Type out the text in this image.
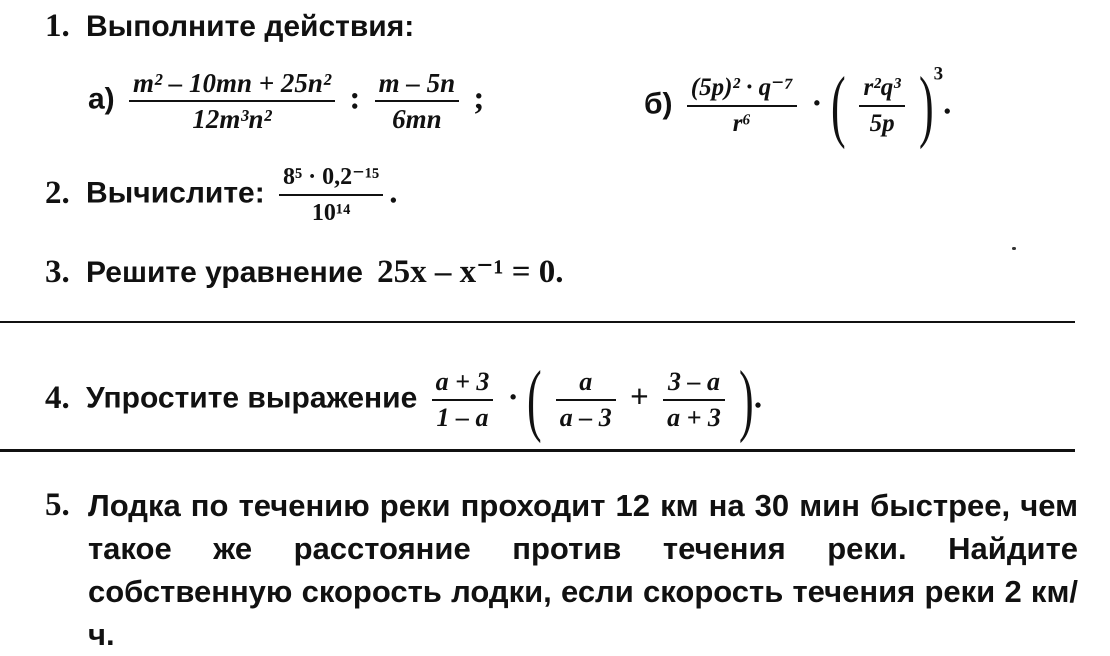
1. Выполните действия:
$а) \frac{\text{m² – 10mn + 25n²}}{\text{12m³n²}}$ : $\frac{m - 5n}{6mn}$ ;	$б) \frac{\text{(5p)² · q⁻⁷}}{\text{r⁶}}$ · ( $\frac{\text{r²q³}}{5p} )^3$.
2. Вычислите: $\frac{\text{8⁵ · 0,2⁻¹⁵}}{\text{10¹⁴}}$ .
3. Решите уравнение 25x – x⁻¹ = 0.
4. Упростите выражение $\frac{a + 3}{1 - a}$ · ( $\frac{a}{a - 3} + \frac{3 - a}{a + 3}$ ).
5. Лодка по течению реки проходит 12 км на 30 мин быстрее, чем такое же расстояние против течения реки. Найдите собственную скорость лодки, если скорость течения реки 2 км/ч.
